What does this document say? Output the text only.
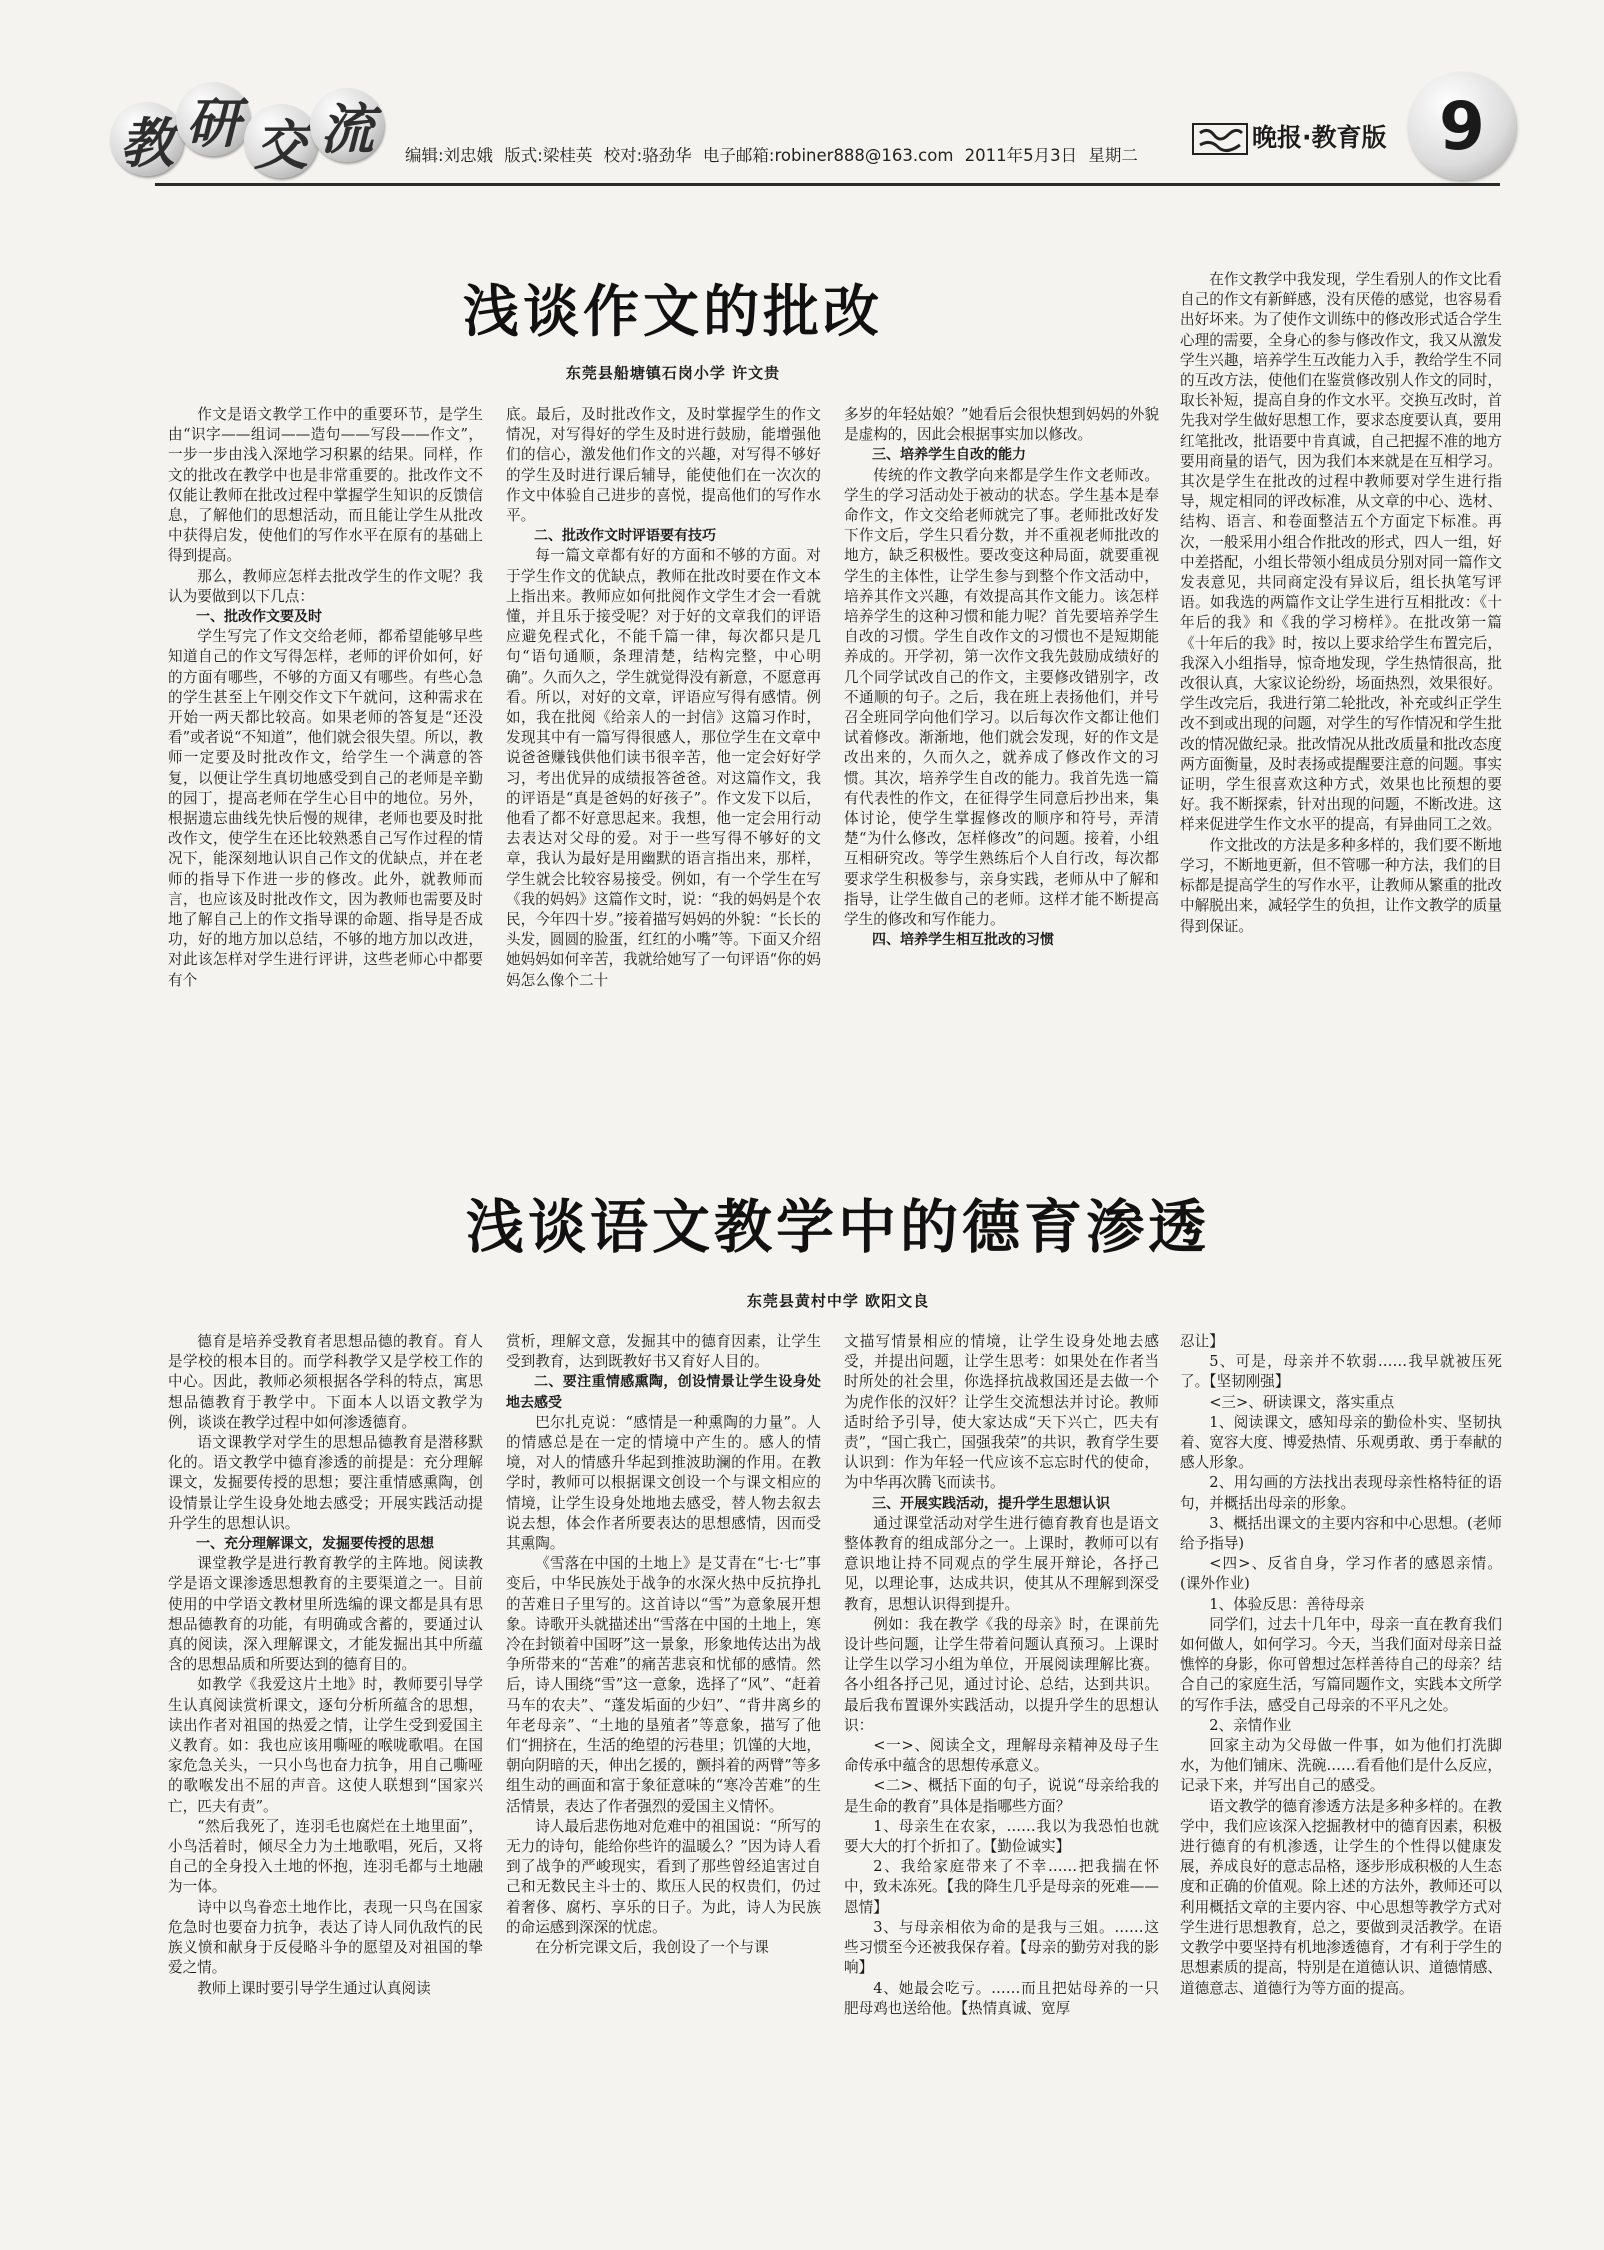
教 研 交 流	编辑:刘忠娥 版式:梁桂英 校对:骆劲华 电子邮箱:robiner888@163.com 2011年5月3日 星期二
晚报·教育版 9
浅谈作文的批改
东莞县船塘镇石岗小学 许文贵

作文是语文教学工作中的重要环节，是学生由“识字——组词——造句——写段——作文”，一步一步由浅入深地学习积累的结果。同样，作文的批改在教学中也是非常重要的。批改作文不仅能让教师在批改过程中掌握学生知识的反馈信息，了解他们的思想活动，而且能让学生从批改中获得启发，使他们的写作水平在原有的基础上得到提高。

那么，教师应怎样去批改学生的作文呢？我认为要做到以下几点：

一、批改作文要及时

学生写完了作文交给老师，都希望能够早些知道自己的作文写得怎样，老师的评价如何，好的方面有哪些，不够的方面又有哪些。有些心急的学生甚至上午刚交作文下午就问，这种需求在开始一两天都比较高。如果老师的答复是“还没看”或者说“不知道”，他们就会很失望。所以，教师一定要及时批改作文，给学生一个满意的答复，以便让学生真切地感受到自己的老师是辛勤的园丁，提高老师在学生心目中的地位。另外，根据遗忘曲线先快后慢的规律，老师也要及时批改作文，使学生在还比较熟悉自己写作过程的情况下，能深刻地认识自己作文的优缺点，并在老师的指导下作进一步的修改。此外，就教师而言，也应该及时批改作文，因为教师也需要及时地了解自己上的作文指导课的命题、指导是否成功，好的地方加以总结，不够的地方加以改进，对此该怎样对学生进行评讲，这些老师心中都要有个

底。最后，及时批改作文，及时掌握学生的作文情况，对写得好的学生及时进行鼓励，能增强他们的信心，激发他们作文的兴趣，对写得不够好的学生及时进行课后辅导，能使他们在一次次的作文中体验自己进步的喜悦，提高他们的写作水平。

二、批改作文时评语要有技巧

每一篇文章都有好的方面和不够的方面。对于学生作文的优缺点，教师在批改时要在作文本上指出来。教师应如何批阅作文学生才会一看就懂，并且乐于接受呢？对于好的文章我们的评语应避免程式化，不能千篇一律，每次都只是几句“语句通顺，条理清楚，结构完整，中心明确”。久而久之，学生就觉得没有新意，不愿意再看。所以，对好的文章，评语应写得有感情。例如，我在批阅《给亲人的一封信》这篇习作时，发现其中有一篇写得很感人，那位学生在文章中说爸爸赚钱供他们读书很辛苦，他一定会好好学习，考出优异的成绩报答爸爸。对这篇作文，我的评语是“真是爸妈的好孩子”。作文发下以后，他看了都不好意思起来。我想，他一定会用行动去表达对父母的爱。对于一些写得不够好的文章，我认为最好是用幽默的语言指出来，那样，学生就会比较容易接受。例如，有一个学生在写《我的妈妈》这篇作文时，说：“我的妈妈是个农民，今年四十岁。”接着描写妈妈的外貌：“长长的头发，圆圆的脸蛋，红红的小嘴”等。下面又介绍她妈妈如何辛苦，我就给她写了一句评语“你的妈妈怎么像个二十

多岁的年轻姑娘？”她看后会很快想到妈妈的外貌是虚构的，因此会根据事实加以修改。

三、培养学生自改的能力

传统的作文教学向来都是学生作文老师改。学生的学习活动处于被动的状态。学生基本是奉命作文，作文交给老师就完了事。老师批改好发下作文后，学生只看分数，并不重视老师批改的地方，缺乏积极性。要改变这种局面，就要重视学生的主体性，让学生参与到整个作文活动中，培养其作文兴趣，有效提高其作文能力。该怎样培养学生的这种习惯和能力呢？首先要培养学生自改的习惯。学生自改作文的习惯也不是短期能养成的。开学初，第一次作文我先鼓励成绩好的几个同学试改自己的作文，主要修改错别字，改不通顺的句子。之后，我在班上表扬他们，并号召全班同学向他们学习。以后每次作文都让他们试着修改。渐渐地，他们就会发现，好的作文是改出来的，久而久之，就养成了修改作文的习惯。其次，培养学生自改的能力。我首先选一篇有代表性的作文，在征得学生同意后抄出来，集体讨论，使学生掌握修改的顺序和符号，弄清楚“为什么修改，怎样修改”的问题。接着，小组互相研究改。等学生熟练后个人自行改，每次都要求学生积极参与，亲身实践，老师从中了解和指导，让学生做自己的老师。这样才能不断提高学生的修改和写作能力。

四、培养学生相互批改的习惯

在作文教学中我发现，学生看别人的作文比看自己的作文有新鲜感，没有厌倦的感觉，也容易看出好坏来。为了使作文训练中的修改形式适合学生心理的需要，全身心的参与修改作文，我又从激发学生兴趣，培养学生互改能力入手，教给学生不同的互改方法，使他们在鉴赏修改别人作文的同时，取长补短，提高自身的作文水平。交换互改时，首先我对学生做好思想工作，要求态度要认真，要用红笔批改，批语要中肯真诚，自己把握不准的地方要用商量的语气，因为我们本来就是在互相学习。其次是学生在批改的过程中教师要对学生进行指导，规定相同的评改标准，从文章的中心、选材、结构、语言、和卷面整洁五个方面定下标准。再次，一般采用小组合作批改的形式，四人一组，好中差搭配，小组长带领小组成员分别对同一篇作文发表意见，共同商定没有异议后，组长执笔写评语。如我选的两篇作文让学生进行互相批改：《十年后的我》和《我的学习榜样》。在批改第一篇《十年后的我》时，按以上要求给学生布置完后，我深入小组指导，惊奇地发现，学生热情很高，批改很认真，大家议论纷纷，场面热烈，效果很好。学生改完后，我进行第二轮批改，补充或纠正学生改不到或出现的问题，对学生的写作情况和学生批改的情况做纪录。批改情况从批改质量和批改态度两方面衡量，及时表扬或提醒要注意的问题。事实证明，学生很喜欢这种方式，效果也比预想的要好。我不断探索，针对出现的问题，不断改进。这样来促进学生作文水平的提高，有异曲同工之效。

作文批改的方法是多种多样的，我们要不断地学习，不断地更新，但不管哪一种方法，我们的目标都是提高学生的写作水平，让教师从繁重的批改中解脱出来，减轻学生的负担，让作文教学的质量得到保证。

浅谈语文教学中的德育渗透
东莞县黄村中学 欧阳文良

德育是培养受教育者思想品德的教育。育人是学校的根本目的。而学科教学又是学校工作的中心。因此，教师必须根据各学科的特点，寓思想品德教育于教学中。下面本人以语文教学为例，谈谈在教学过程中如何渗透德育。

语文课教学对学生的思想品德教育是潜移默化的。语文教学中德育渗透的前提是：充分理解课文，发掘要传授的思想；要注重情感熏陶，创设情景让学生设身处地去感受；开展实践活动提升学生的思想认识。

一、充分理解课文，发掘要传授的思想

课堂教学是进行教育教学的主阵地。阅读教学是语文课渗透思想教育的主要渠道之一。目前使用的中学语文教材里所选编的课文都是具有思想品德教育的功能，有明确或含蓄的，要通过认真的阅读，深入理解课文，才能发掘出其中所蕴含的思想品质和所要达到的德育目的。

如教学《我爱这片土地》时，教师要引导学生认真阅读赏析课文，逐句分析所蕴含的思想，读出作者对祖国的热爱之情，让学生受到爱国主义教育。如：我也应该用嘶哑的喉咙歌唱。在国家危急关头，一只小鸟也奋力抗争，用自己嘶哑的歌喉发出不屈的声音。这使人联想到“国家兴亡，匹夫有责”。

“然后我死了，连羽毛也腐烂在土地里面”，小鸟活着时，倾尽全力为土地歌唱，死后，又将自己的全身投入土地的怀抱，连羽毛都与土地融为一体。

诗中以鸟眷恋土地作比，表现一只鸟在国家危急时也要奋力抗争，表达了诗人同仇敌忾的民族义愤和献身于反侵略斗争的愿望及对祖国的挚爱之情。

教师上课时要引导学生通过认真阅读

赏析，理解文意，发掘其中的德育因素，让学生受到教育，达到既教好书又育好人目的。

二、要注重情感熏陶，创设情景让学生设身处地去感受

巴尔扎克说：“感情是一种熏陶的力量”。人的情感总是在一定的情境中产生的。感人的情境，对人的情感升华起到推波助澜的作用。在教学时，教师可以根据课文创设一个与课文相应的情境，让学生设身处地地去感受，替人物去叙去说去想，体会作者所要表达的思想感情，因而受其熏陶。

《雪落在中国的土地上》是艾青在“七·七”事变后，中华民族处于战争的水深火热中反抗挣扎的苦难日子里写的。这首诗以“雪”为意象展开想象。诗歌开头就描述出“雪落在中国的土地上，寒冷在封锁着中国呀”这一景象，形象地传达出为战争所带来的“苦难”的痛苦悲哀和忧郁的感情。然后，诗人围绕“雪”这一意象，选择了“风”、“赶着马车的农夫”、“蓬发垢面的少妇”、“背井离乡的年老母亲”、“土地的垦殖者”等意象，描写了他们“拥挤在，生活的绝望的污巷里；饥馑的大地，朝向阴暗的天，伸出乞援的，颤抖着的两臂”等多组生动的画面和富于象征意味的“寒冷苦难”的生活情景，表达了作者强烈的爱国主义情怀。

诗人最后悲伤地对危难中的祖国说：“所写的无力的诗句，能给你些许的温暖么？”因为诗人看到了战争的严峻现实，看到了那些曾经追害过自己和无数民主斗士的、欺压人民的权贵们，仍过着奢侈、腐朽、享乐的日子。为此，诗人为民族的命运感到深深的忧虑。

在分析完课文后，我创设了一个与课

文描写情景相应的情境，让学生设身处地去感受，并提出问题，让学生思考：如果处在作者当时所处的社会里，你选择抗战救国还是去做一个为虎作伥的汉奸？让学生交流想法并讨论。教师适时给予引导，使大家达成“天下兴亡，匹夫有责”，“国亡我亡，国强我荣”的共识，教育学生要认识到：作为年轻一代应该不忘忘时代的使命，为中华再次腾飞而读书。

三、开展实践活动，提升学生思想认识

通过课堂活动对学生进行德育教育也是语文整体教育的组成部分之一。上课时，教师可以有意识地让持不同观点的学生展开辩论，各抒己见，以理论事，达成共识，使其从不理解到深受教育，思想认识得到提升。

例如：我在教学《我的母亲》时，在课前先设计些问题，让学生带着问题认真预习。上课时让学生以学习小组为单位，开展阅读理解比赛。各小组各抒己见，通过讨论、总结，达到共识。最后我布置课外实践活动，以提升学生的思想认识：

<一>、阅读全文，理解母亲精神及母子生命传承中蕴含的思想传承意义。

<二>、概括下面的句子，说说“母亲给我的是生命的教育”具体是指哪些方面？

1、母亲生在农家，……我以为我恐怕也就要大大的打个折扣了。【勤俭诚实】

2、我给家庭带来了不幸……把我揣在怀中，致未冻死。【我的降生几乎是母亲的死难——恩情】

3、与母亲相依为命的是我与三姐。……这些习惯至今还被我保存着。【母亲的勤劳对我的影响】

4、她最会吃亏。……而且把姑母养的一只肥母鸡也送给他。【热情真诚、宽厚

忍让】

5、可是，母亲并不软弱……我早就被压死了。【坚韧刚强】

<三>、研读课文，落实重点

1、阅读课文，感知母亲的勤俭朴实、坚韧执着、宽容大度、博爱热情、乐观勇敢、勇于奉献的感人形象。

2、用勾画的方法找出表现母亲性格特征的语句，并概括出母亲的形象。

3、概括出课文的主要内容和中心思想。(老师给予指导)

<四>、反省自身，学习作者的感恩亲情。(课外作业)

1、体验反思：善待母亲

同学们，过去十几年中，母亲一直在教育我们如何做人，如何学习。今天，当我们面对母亲日益憔悴的身影，你可曾想过怎样善待自己的母亲？结合自己的家庭生活，写篇同题作文，实践本文所学的写作手法，感受自己母亲的不平凡之处。

2、亲情作业

回家主动为父母做一件事，如为他们打洗脚水，为他们铺床、洗碗……看看他们是什么反应，记录下来，并写出自己的感受。

语文教学的德育渗透方法是多种多样的。在教学中，我们应该深入挖掘教材中的德育因素，积极进行德育的有机渗透，让学生的个性得以健康发展，养成良好的意志品格，逐步形成积极的人生态度和正确的价值观。除上述的方法外，教师还可以利用概括文章的主要内容、中心思想等教学方式对学生进行思想教育，总之，要做到灵活教学。在语文教学中要坚持有机地渗透德育，才有利于学生的思想素质的提高，特别是在道德认识、道德情感、道德意志、道德行为等方面的提高。
